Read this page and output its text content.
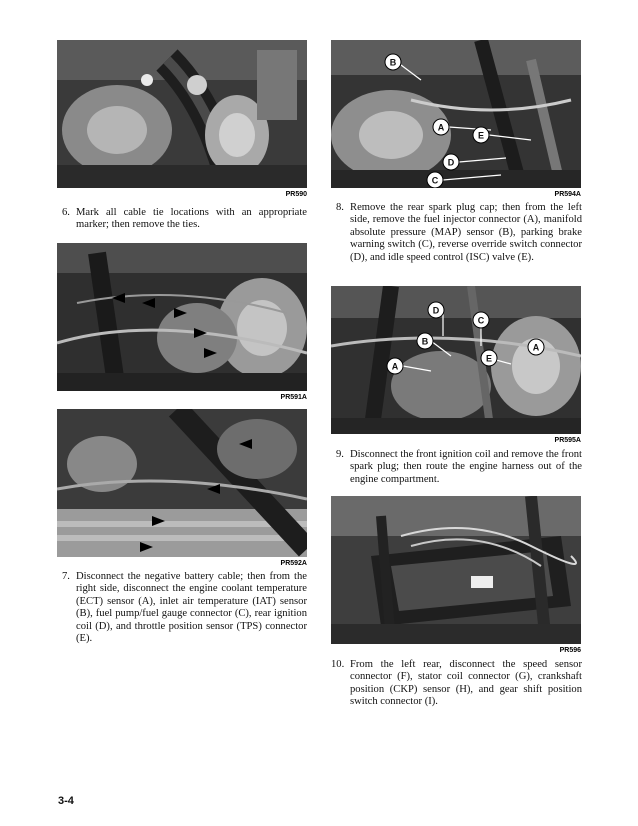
PR590
6. Mark all cable tie locations with an appropriate marker; then remove the ties.
PR591A
PR592A
7. Disconnect the negative battery cable; then from the right side, disconnect the engine coolant temperature (ECT) sensor (A), inlet air temperature (IAT) sensor (B), fuel pump/fuel gauge connector (C), rear ignition coil (D), and throttle position sensor (TPS) connector (E).
B
A
E
D
C
PR594A
8. Remove the rear spark plug cap; then from the left side, remove the fuel injector connector (A), manifold absolute pressure (MAP) sensor (B), parking brake warning switch (C), reverse override switch connector (D), and idle speed control (ISC) valve (E).
D
C
B
A
E
A
PR595A
9. Disconnect the front ignition coil and remove the front spark plug; then route the engine harness out of the engine compartment.
PR596
10. From the left rear, disconnect the speed sensor connector (F), stator coil connector (G), crankshaft position (CKP) sensor (H), and gear shift position switch connector (I).
3-4
